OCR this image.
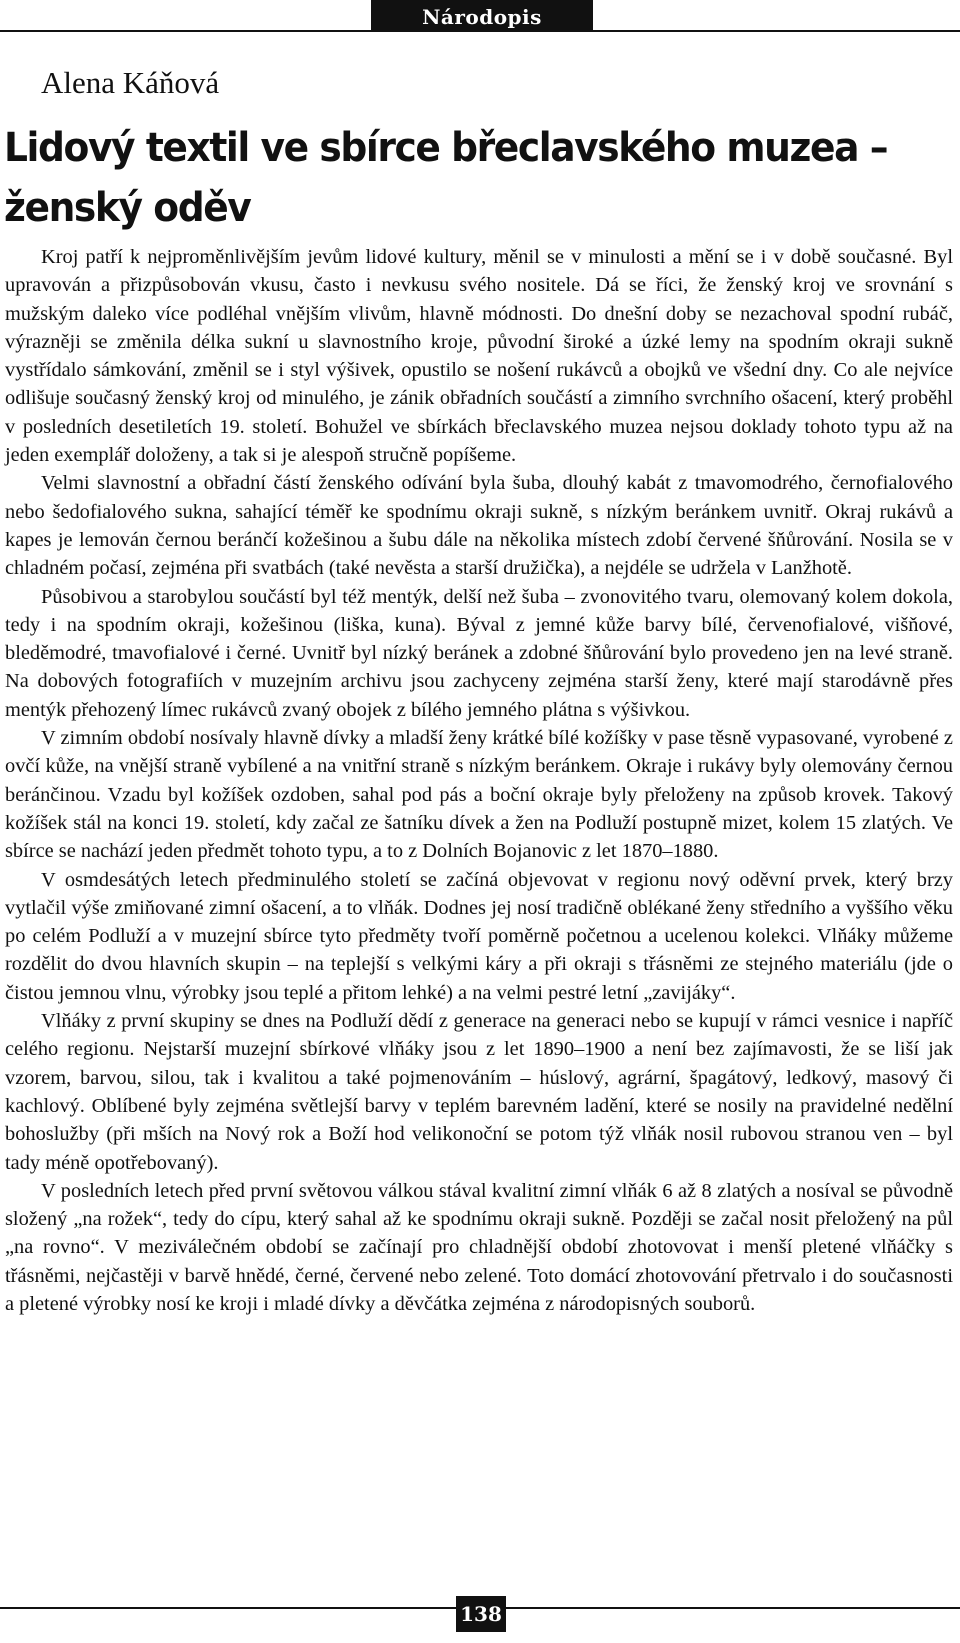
Národopis
Alena Káňová
Lidový textil ve sbírce břeclavského muzea – ženský oděv

Kroj patří k nejproměnlivějším jevům lidové kultury, měnil se v minulosti a mění se i v době současné. Byl upravován a přizpůsobován vkusu, často i nevkusu svého nositele. Dá se říci, že ženský kroj ve srovnání s mužským daleko více podléhal vnějším vlivům, hlavně módnosti. Do dnešní doby se nezachoval spodní rubáč, výrazněji se změnila délka sukní u slavnostního kroje, původní široké a úzké lemy na spodním okraji sukně vystřídalo sámkování, změnil se i styl výšivek, opustilo se nošení rukávců a obojků ve všední dny. Co ale nejvíce odlišuje současný ženský kroj od minulého, je zánik obřadních součástí a zimního svrchního ošacení, který proběhl v posledních desetiletích 19. století. Bohužel ve sbírkách břeclavského muzea nejsou doklady tohoto typu až na jeden exemplář doloženy, a tak si je alespoň stručně popíšeme.

Velmi slavnostní a obřadní částí ženského odívání byla šuba, dlouhý kabát z tmavomodrého, černofialového nebo šedofialového sukna, sahající téměř ke spodnímu okraji sukně, s nízkým beránkem uvnitř. Okraj rukávů a kapes je lemován černou beránčí kožešinou a šubu dále na několika místech zdobí červené šňůrování. Nosila se v chladném počasí, zejména při svatbách (také nevěsta a starší družička), a nejdéle se udržela v Lanžhotě.

Působivou a starobylou součástí byl též mentýk, delší než šuba – zvonovitého tvaru, olemovaný kolem dokola, tedy i na spodním okraji, kožešinou (liška, kuna). Býval z jemné kůže barvy bílé, červenofialové, višňové, bleděmodré, tmavofialové i černé. Uvnitř byl nízký beránek a zdobné šňůrování bylo provedeno jen na levé straně. Na dobových fotografiích v muzejním archivu jsou zachyceny zejména starší ženy, které mají starodávně přes mentýk přehozený límec rukávců zvaný obojek z bílého jemného plátna s výšivkou.

V zimním období nosívaly hlavně dívky a mladší ženy krátké bílé kožíšky v pase těsně vypasované, vyrobené z ovčí kůže, na vnější straně vybílené a na vnitřní straně s nízkým beránkem. Okraje i rukávy byly olemovány černou beránčinou. Vzadu byl kožíšek ozdoben, sahal pod pás a boční okraje byly přeloženy na způsob krovek. Takový kožíšek stál na konci 19. století, kdy začal ze šatníku dívek a žen na Podluží postupně mizet, kolem 15 zlatých. Ve sbírce se nachází jeden předmět tohoto typu, a to z Dolních Bojanovic z let 1870–1880.

V osmdesátých letech předminulého století se začíná objevovat v regionu nový oděvní prvek, který brzy vytlačil výše zmiňované zimní ošacení, a to vlňák. Dodnes jej nosí tradičně oblékané ženy středního a vyššího věku po celém Podluží a v muzejní sbírce tyto předměty tvoří poměrně početnou a ucelenou kolekci. Vlňáky můžeme rozdělit do dvou hlavních skupin – na teplejší s velkými káry a při okraji s třásněmi ze stejného materiálu (jde o čistou jemnou vlnu, výrobky jsou teplé a přitom lehké) a na velmi pestré letní „zavijáky“.

Vlňáky z první skupiny se dnes na Podluží dědí z generace na generaci nebo se kupují v rámci vesnice i napříč celého regionu. Nejstarší muzejní sbírkové vlňáky jsou z let 1890–1900 a není bez zajímavosti, že se liší jak vzorem, barvou, silou, tak i kvalitou a také pojmenováním – húslový, agrární, špagátový, ledkový, masový či kachlový. Oblíbené byly zejména světlejší barvy v teplém barevném ladění, které se nosily na pravidelné nedělní bohoslužby (při mších na Nový rok a Boží hod velikonoční se potom týž vlňák nosil rubovou stranou ven – byl tady méně opotřebovaný).

V posledních letech před první světovou válkou stával kvalitní zimní vlňák 6 až 8 zlatých a nosíval se původně složený „na rožek“, tedy do cípu, který sahal až ke spodnímu okraji sukně. Později se začal nosit přeložený na půl „na rovno“. V meziválečném období se začínají pro chladnější období zhotovovat i menší pletené vlňáčky s třásněmi, nejčastěji v barvě hnědé, černé, červené nebo zelené. Toto domácí zhotovování přetrvalo i do současnosti a pletené výrobky nosí ke kroji i mladé dívky a děvčátka zejména z národopisných souborů.

138
